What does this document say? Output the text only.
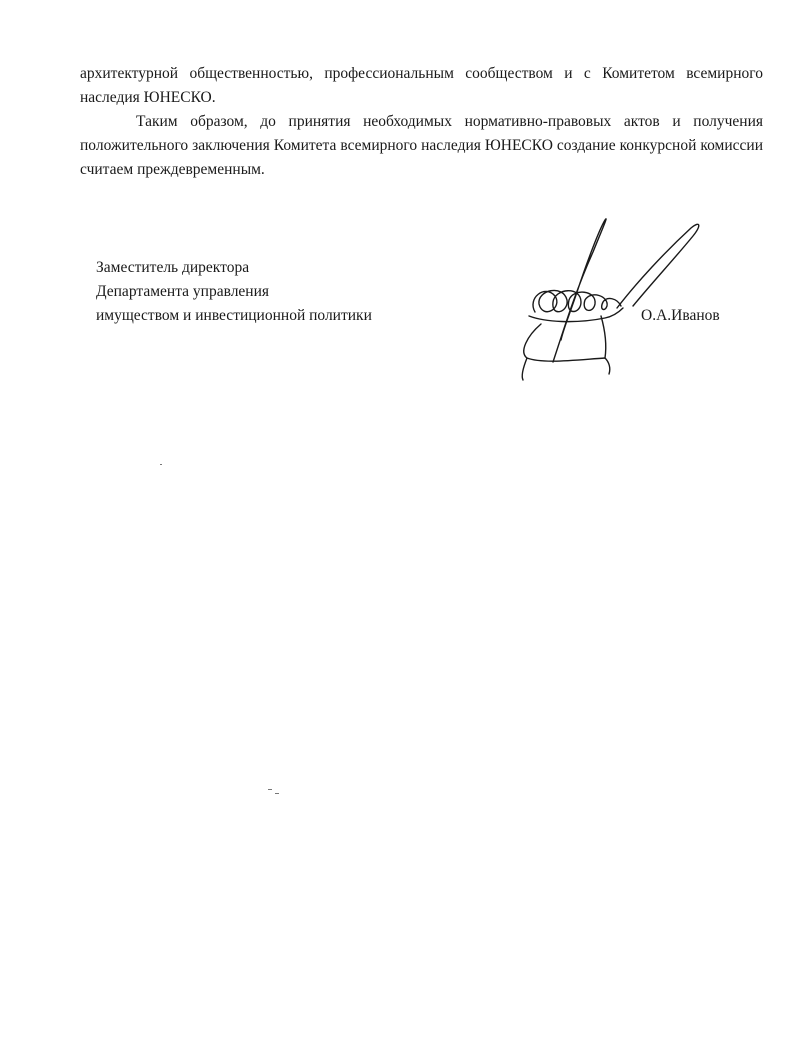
архитектурной общественностью, профессиональным сообществом и с Комитетом всемирного наследия ЮНЕСКО.

Таким образом, до принятия необходимых нормативно-правовых актов и получения положительного заключения Комитета всемирного наследия ЮНЕСКО создание конкурсной комиссии считаем преждевременным.

Заместитель директора
Департамента управления
имуществом и инвестиционной политики	О.А.Иванов
